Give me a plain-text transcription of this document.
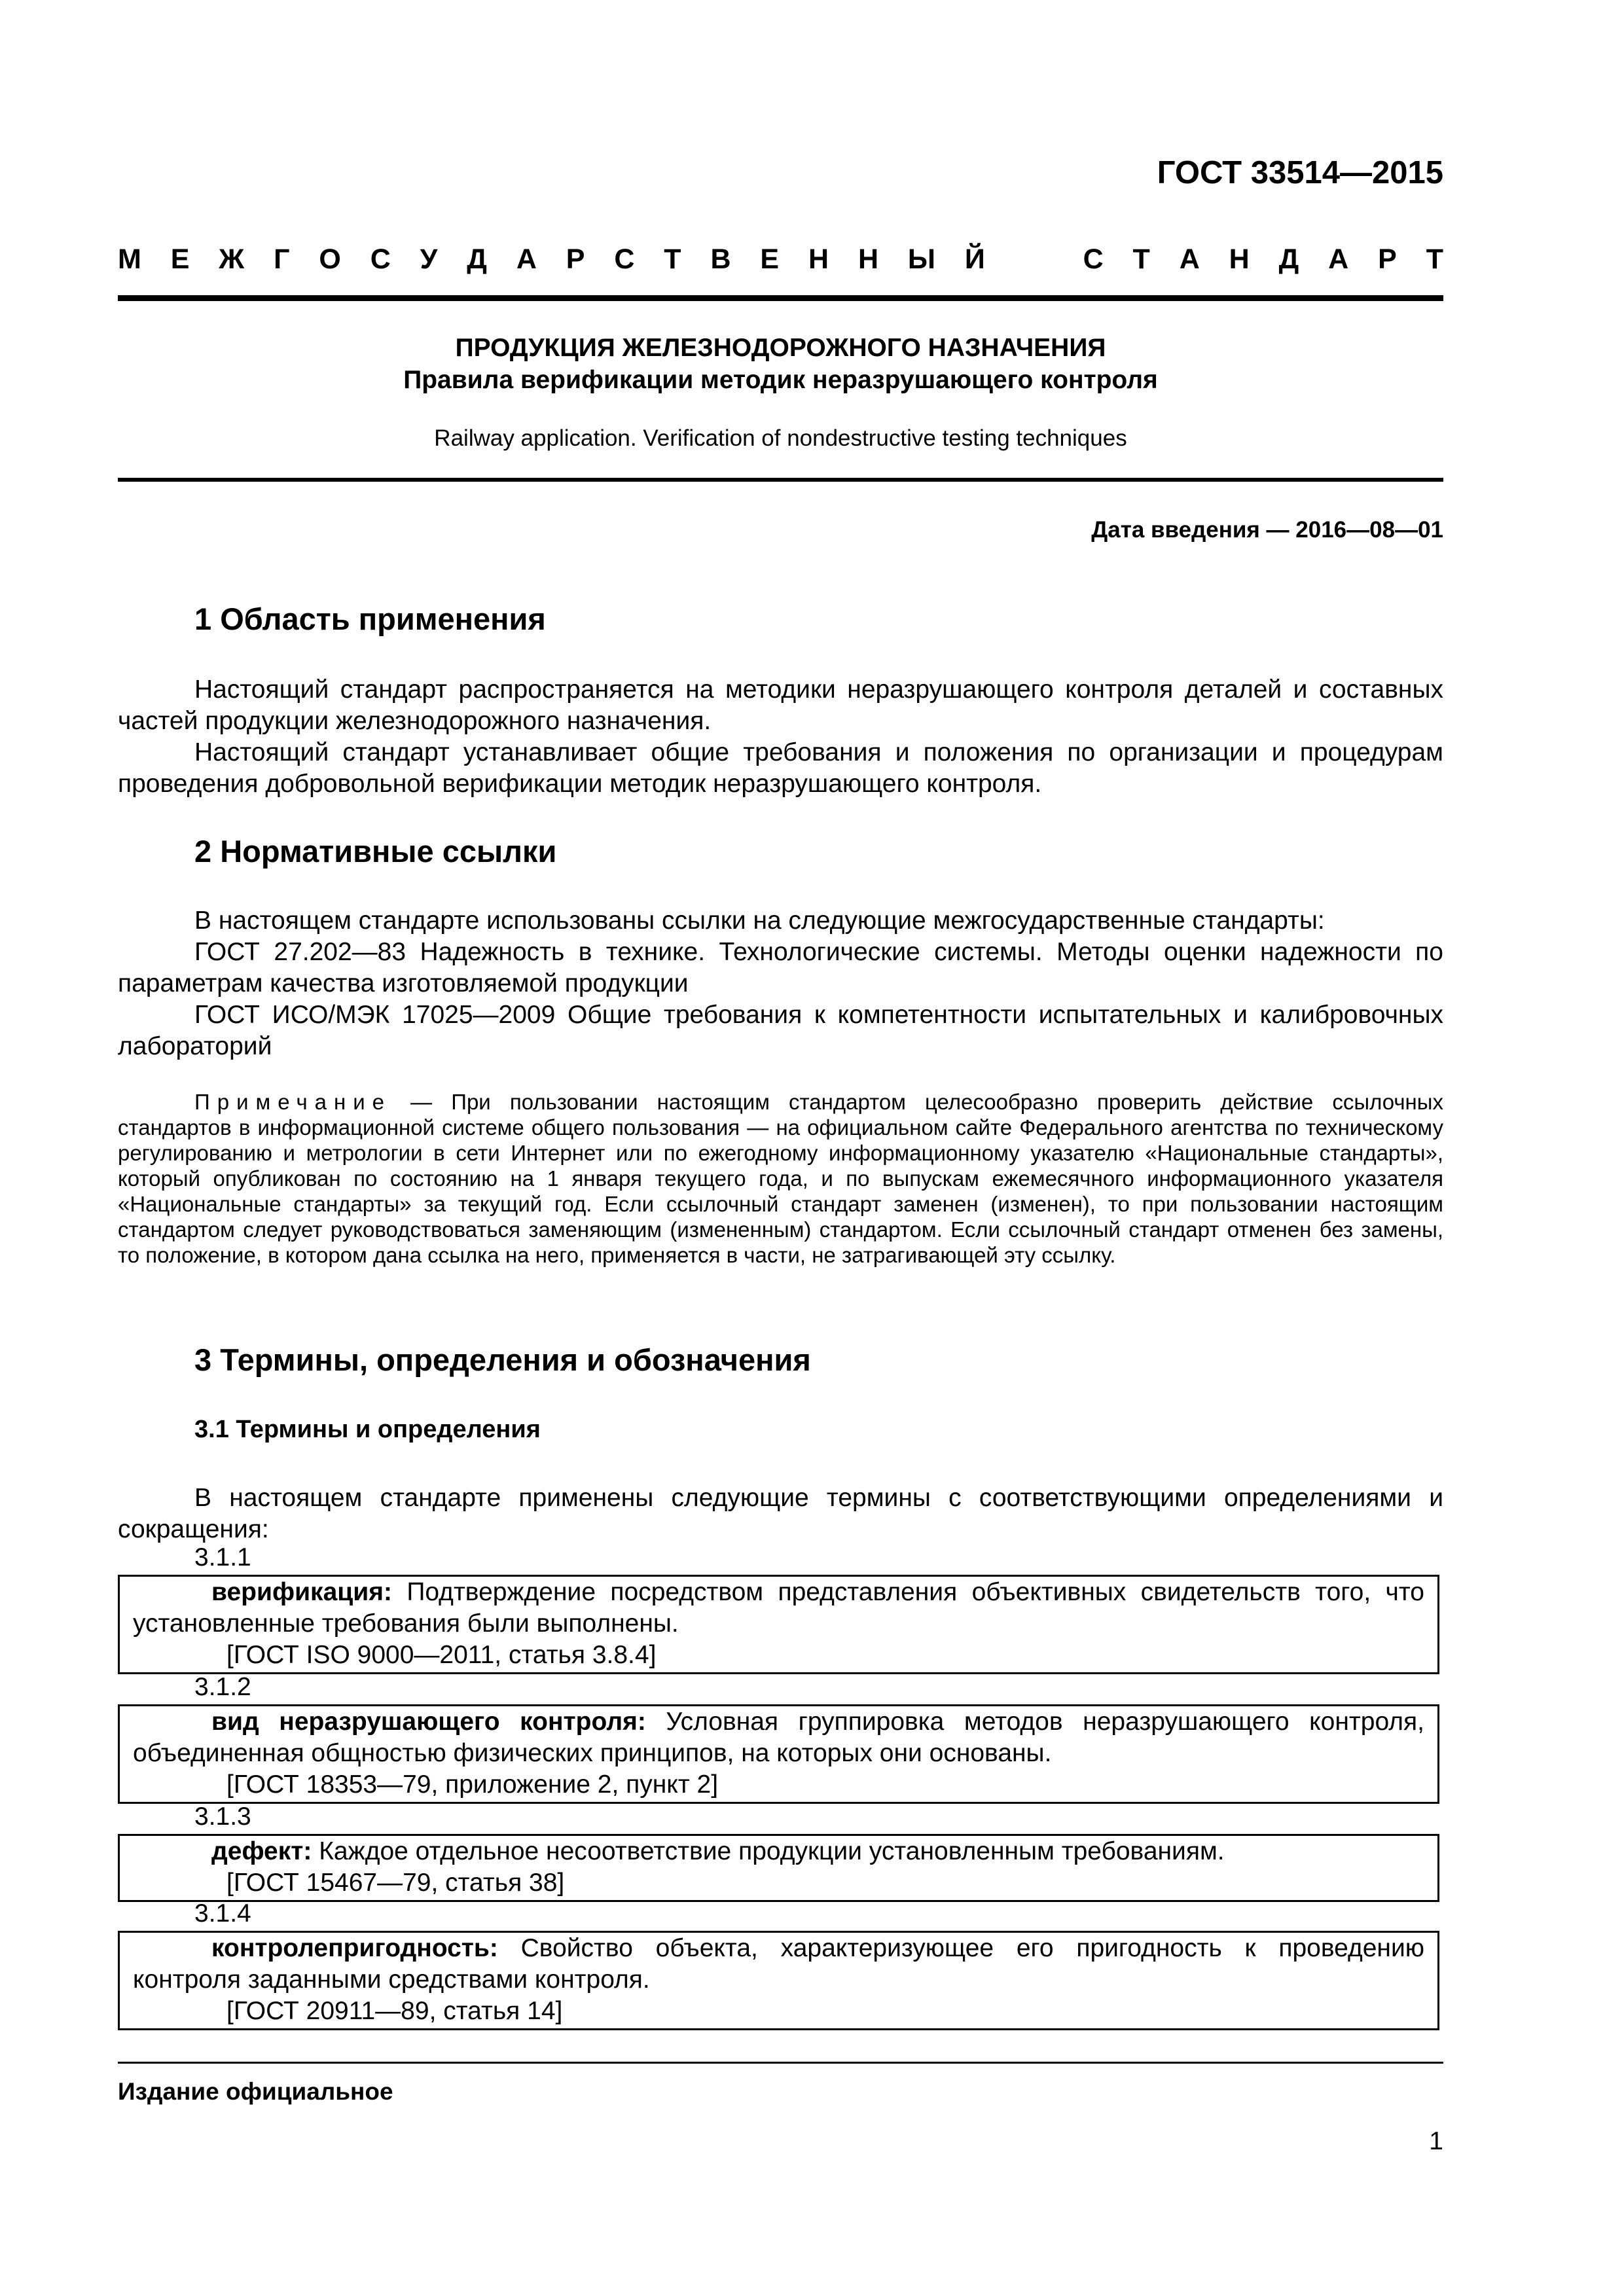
ГОСТ 33514—2015
М Е Ж Г О С У Д А Р С Т В Е Н Н Ы Й	С Т А Н Д А Р Т
ПРОДУКЦИЯ ЖЕЛЕЗНОДОРОЖНОГО НАЗНАЧЕНИЯ
Правила верификации методик неразрушающего контроля
Railway application. Verification of nondestructive testing techniques
Дата введения — 2016—08—01
1 Область применения
Настоящий стандарт распространяется на методики неразрушающего контроля деталей и составных частей продукции железнодорожного назначения.
Настоящий стандарт устанавливает общие требования и положения по организации и процедурам проведения добровольной верификации методик неразрушающего контроля.
2 Нормативные ссылки
В настоящем стандарте использованы ссылки на следующие межгосударственные стандарты:
ГОСТ 27.202—83 Надежность в технике. Технологические системы. Методы оценки надежности по параметрам качества изготовляемой продукции
ГОСТ ИСО/МЭК 17025—2009 Общие требования к компетентности испытательных и калибровочных лабораторий
Примечание — При пользовании настоящим стандартом целесообразно проверить действие ссылочных стандартов в информационной системе общего пользования — на официальном сайте Федерального агентства по техническому регулированию и метрологии в сети Интернет или по ежегодному информационному указателю «Национальные стандарты», который опубликован по состоянию на 1 января текущего года, и по выпускам ежемесячного информационного указателя «Национальные стандарты» за текущий год. Если ссылочный стандарт заменен (изменен), то при пользовании настоящим стандартом следует руководствоваться заменяющим (измененным) стандартом. Если ссылочный стандарт отменен без замены, то положение, в котором дана ссылка на него, применяется в части, не затрагивающей эту ссылку.
3 Термины, определения и обозначения
3.1 Термины и определения
В настоящем стандарте применены следующие термины с соответствующими определениями и сокращения:
3.1.1
верификация: Подтверждение посредством представления объективных свидетельств того, что установленные требования были выполнены.
[ГОСТ ISO 9000—2011, статья 3.8.4]
3.1.2
вид неразрушающего контроля: Условная группировка методов неразрушающего контроля, объединенная общностью физических принципов, на которых они основаны.
[ГОСТ 18353—79, приложение 2, пункт 2]
3.1.3
дефект: Каждое отдельное несоответствие продукции установленным требованиям.
[ГОСТ 15467—79, статья 38]
3.1.4
контролепригодность: Свойство объекта, характеризующее его пригодность к проведению контроля заданными средствами контроля.
[ГОСТ 20911—89, статья 14]
Издание официальное
1
